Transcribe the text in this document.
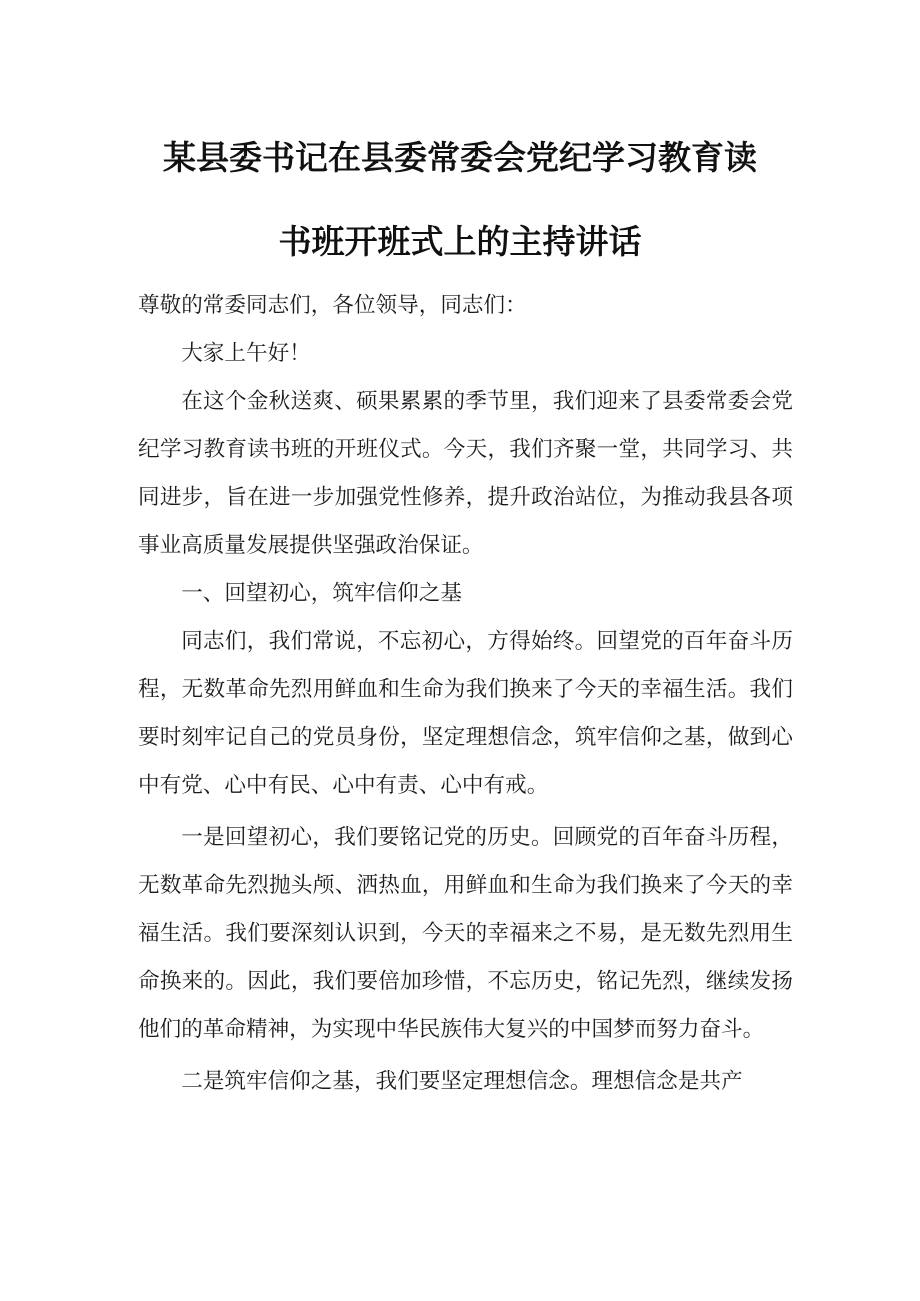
某县委书记在县委常委会党纪学习教育读
书班开班式上的主持讲话

尊敬的常委同志们，各位领导，同志们：

大家上午好！

在这个金秋送爽、硕果累累的季节里，我们迎来了县委常委会党纪学习教育读书班的开班仪式。今天，我们齐聚一堂，共同学习、共同进步，旨在进一步加强党性修养，提升政治站位，为推动我县各项事业高质量发展提供坚强政治保证。

一、回望初心，筑牢信仰之基

同志们，我们常说，不忘初心，方得始终。回望党的百年奋斗历程，无数革命先烈用鲜血和生命为我们换来了今天的幸福生活。我们要时刻牢记自己的党员身份，坚定理想信念，筑牢信仰之基，做到心中有党、心中有民、心中有责、心中有戒。

一是回望初心，我们要铭记党的历史。回顾党的百年奋斗历程，无数革命先烈抛头颅、洒热血，用鲜血和生命为我们换来了今天的幸福生活。我们要深刻认识到，今天的幸福来之不易，是无数先烈用生命换来的。因此，我们要倍加珍惜，不忘历史，铭记先烈，继续发扬他们的革命精神，为实现中华民族伟大复兴的中国梦而努力奋斗。

二是筑牢信仰之基，我们要坚定理想信念。理想信念是共产
